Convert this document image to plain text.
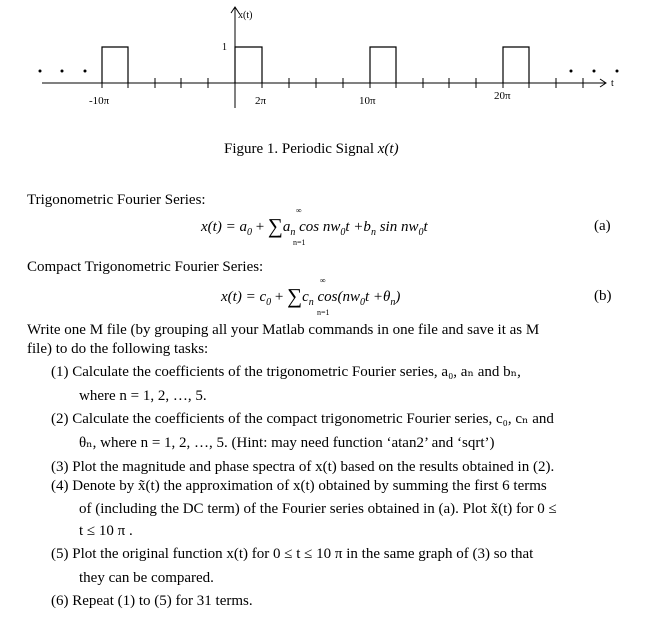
t
x(t)
1
-10π	2π	10π	20π
Figure 1. Periodic Signal x(t)
Trigonometric Fourier Series:
$x(t) = a_0 + \sum a_n$ $\cos nw_0t +b_n$ $\sin nw_0t$
∞
n=1
(a)
Compact Trigonometric Fourier Series:
$x(t) = c_0 + \sum c_n$ $\cos(nw_0t +\theta_n)$
∞
n=1
(b)
Write one M file (by grouping all your Matlab commands in one file and save it as M
file) to do the following tasks:
(1) Calculate the coefficients of the trigonometric Fourier series, a₀, aₙ and bₙ,
where n = 1, 2, …, 5.
(2) Calculate the coefficients of the compact trigonometric Fourier series, c₀, cₙ and
θₙ, where n = 1, 2, …, 5. (Hint: may need function ‘atan2’ and ‘sqrt’)
(3) Plot the magnitude and phase spectra of x(t) based on the results obtained in (2).
(4) Denote by x̃(t) the approximation of x(t) obtained by summing the first 6 terms
of (including the DC term) of the Fourier series obtained in (a). Plot x̃(t) for 0 ≤
t ≤ 10 π .
(5) Plot the original function x(t) for 0 ≤ t ≤ 10 π in the same graph of (3) so that
they can be compared.
(6) Repeat (1) to (5) for 31 terms.
